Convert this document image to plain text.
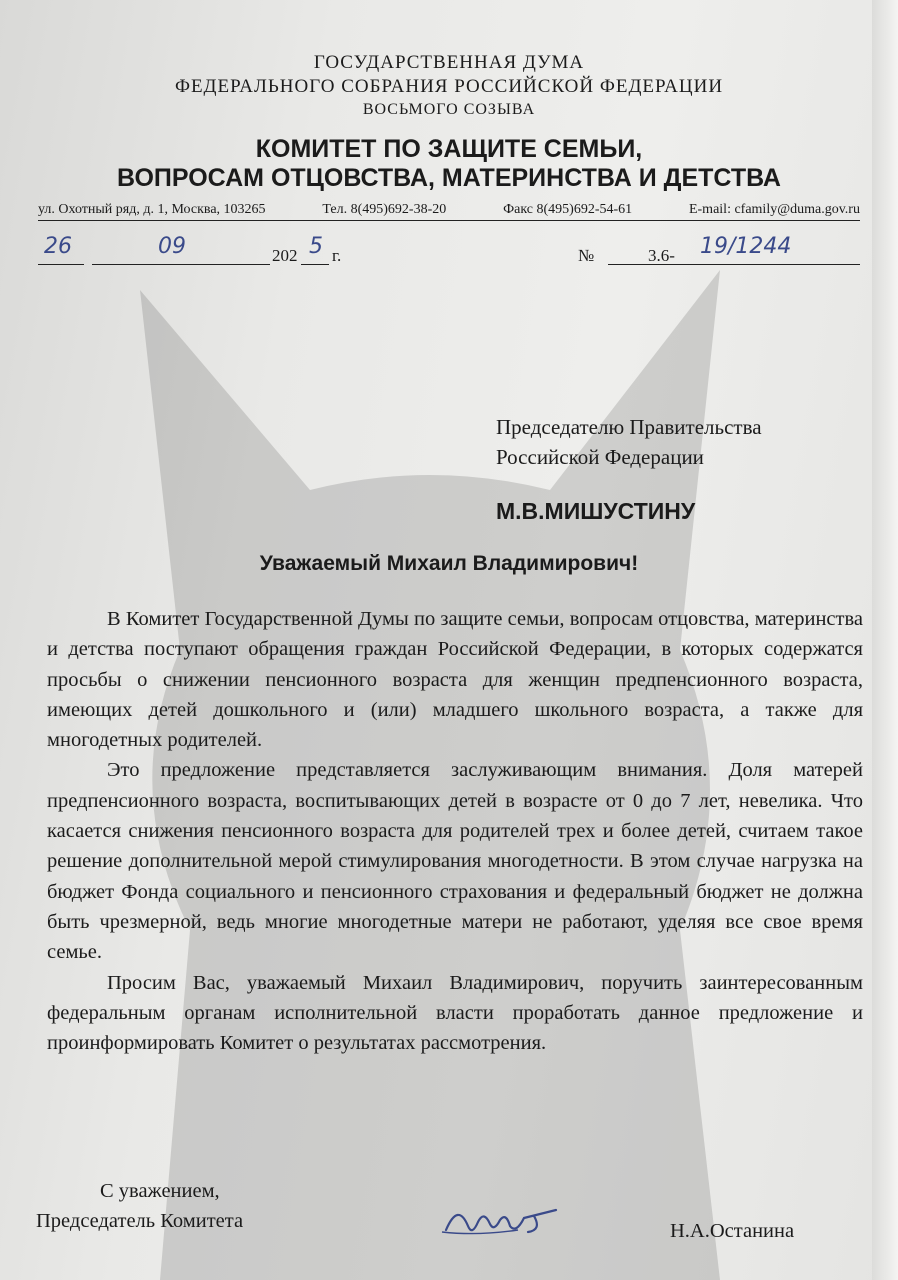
ГОСУДАРСТВЕННАЯ ДУМА
ФЕДЕРАЛЬНОГО СОБРАНИЯ РОССИЙСКОЙ ФЕДЕРАЦИИ
ВОСЬМОГО СОЗЫВА
КОМИТЕТ ПО ЗАЩИТЕ СЕМЬИ,
ВОПРОСАМ ОТЦОВСТВА, МАТЕРИНСТВА И ДЕТСТВА
ул. Охотный ряд, д. 1, Москва, 103265	Тел. 8(495)692-38-20	Факс 8(495)692-54-61	E-mail: cfamily@duma.gov.ru
26	09	202 5 г.	№	3.6- 19/1244
Председателю Правительства
Российской Федерации
М.В.МИШУСТИНУ
Уважаемый Михаил Владимирович!

В Комитет Государственной Думы по защите семьи, вопросам отцовства, материнства и детства поступают обращения граждан Российской Федерации, в которых содержатся просьбы о снижении пенсионного возраста для женщин предпенсионного возраста, имеющих детей дошкольного и (или) младшего школьного возраста, а также для многодетных родителей.

Это предложение представляется заслуживающим внимания. Доля матерей предпенсионного возраста, воспитывающих детей в возрасте от 0 до 7 лет, невелика. Что касается снижения пенсионного возраста для родителей трех и более детей, считаем такое решение дополнительной мерой стимулирования многодетности. В этом случае нагрузка на бюджет Фонда социального и пенсионного страхования и федеральный бюджет не должна быть чрезмерной, ведь многие многодетные матери не работают, уделяя все свое время семье.

Просим Вас, уважаемый Михаил Владимирович, поручить заинтересованным федеральным органам исполнительной власти проработать данное предложение и проинформировать Комитет о результатах рассмотрения.

С уважением,
Председатель Комитета	Н.А.Останина
